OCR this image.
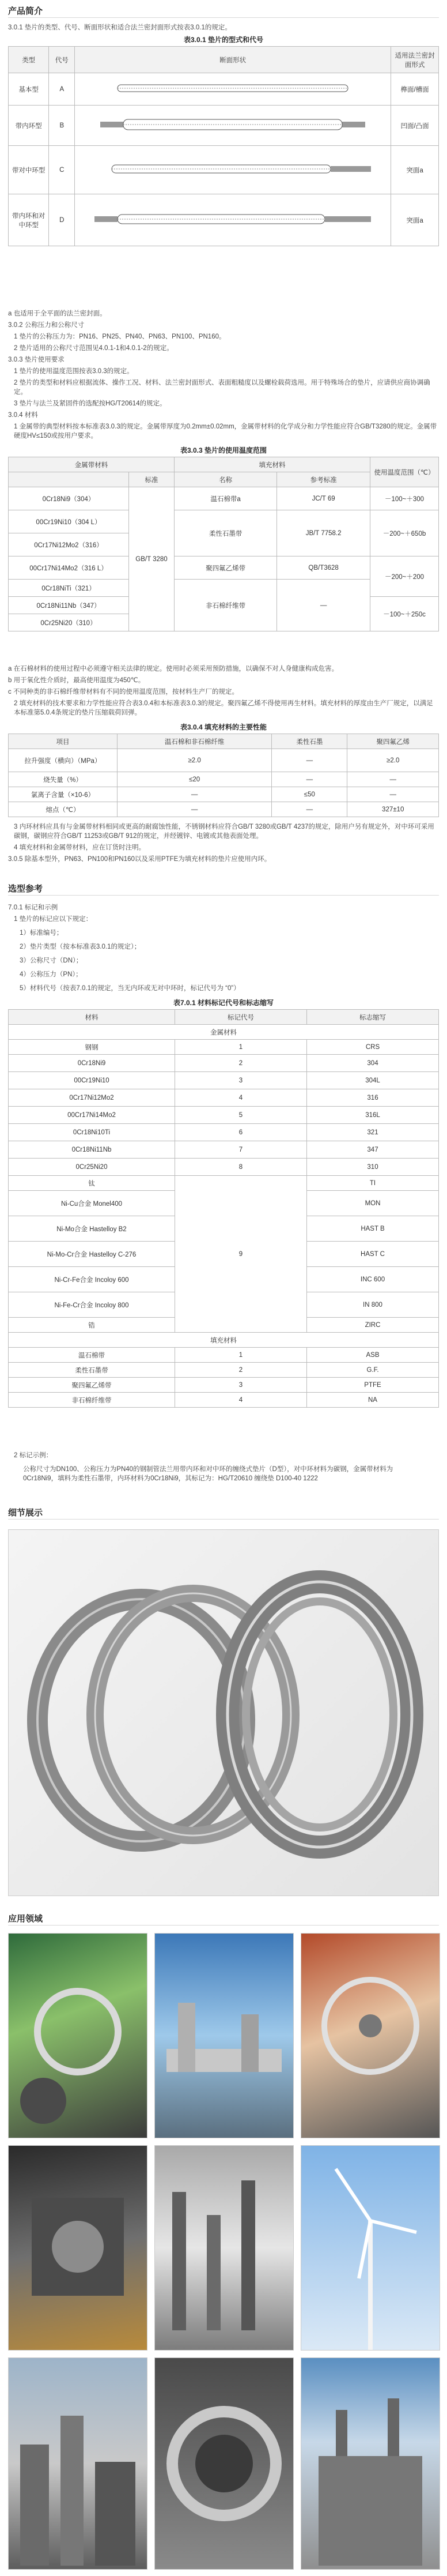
产品简介
3.0.1 垫片的类型、代号、断面形状和适合法兰密封面形式按表3.0.1的规定。
表3.0.1 垫片的型式和代号
类型	代号	断面形状	适用法兰密封面形式
基本型	A		榫面/槽面
带内环型	B		凹面/凸面
带对中环型	C		突面a
带内环和对中环型	D		突面a
a 也适用于全平面的法兰密封面。
3.0.2 公称压力和公称尺寸
1 垫片的公称压力为：PN16、PN25、PN40、PN63、PN100、PN160。
2 垫片适用的公称尺寸范围见4.0.1-1和4.0.1-2的规定。
3.0.3 垫片使用要求
1 垫片的使用温度范围按表3.0.3的规定。
2 垫片的类型和材料应根据流体、操作工况、材料、法兰密封面形式、表面粗糙度以及螺栓载荷选用。用于特殊场合的垫片，应请供应商协调确定。
3 垫片与法兰及紧固件的选配按HG/T20614的规定。
3.0.4 材料
1 金属带的典型材料按本标准表3.0.3的规定。金属带厚度为0.2mm±0.02mm，金属带材料的化学成分和力学性能应符合GB/T3280的规定。金属带硬度HV≤150或按用户要求。
表3.0.3 垫片的使用温度范围
金属带材料		填充材料		使用温度范围（℃）
	标准	名称	参考标准	
0Cr18Ni9（304）	GB/T 3280	温石棉带a	JC/T 69	－100~＋300
00Cr19Ni10（304 L）		柔性石墨带	JB/T 7758.2	－200~＋650b
0Cr17Ni12Mo2（316）				
00Cr17Ni14Mo2（316 L）		聚四氟乙烯带	QB/T3628	－200~＋200
0Cr18NiTi（321）		非石棉纤维带	—	
0Cr18Ni11Nb（347）				－100~＋250c
0Cr25Ni20（310）				
a 在石棉材料的使用过程中必须遵守相关法律的规定。使用时必须采用预防措施，以确保不对人身健康构成危害。
b 用于氧化性介质时，最高使用温度为450℃。
c 不同种类的非石棉纤维带材料有不同的使用温度范围，按材料生产厂的规定。
2 填充材料的技术要求和力学性能应符合表3.0.4和本标准表3.0.3的规定。聚四氟乙烯不得使用再生材料。填充材料的厚度由生产厂规定，以满足本标准第5.0.4条规定的垫片压缩载荷回弹。
表3.0.4 填充材料的主要性能
项目	温石棉和非石棉纤维	柔性石墨	聚四氟乙烯
拉升强度（横向）（MPa）	≥2.0	—	≥2.0
烧失量（%）	≤20	—	—
氯离子含量（×10-6）	—	≤50	—
熔点（℃）	—	—	327±10
3 内环材料应具有与金属带材料相同或更高的耐腐蚀性能，不锈钢材料应符合GB/T 3280或GB/T 4237的规定，除用户另有规定外，对中环可采用碳钢，碳钢应符合GB/T 11253或GB/T 912的规定，并经镀锌、电镀或其他表面处理。
4 填充材料和金属带材料，应在订货时注明。
3.0.5 除基本型外，PN63、PN100和PN160以及采用PTFE为填充材料的垫片应使用内环。
选型参考
7.0.1 标记和示例
1 垫片的标记应以下规定：
1）标准编号；
2）垫片类型（按本标准表3.0.1的规定）；
3）公称尺寸（DN）；
4）公称压力（PN）；
5）材料代号（按表7.0.1的规定，当无内环或无对中环时，标记代号为 “0”）
表7.0.1 材料标记代号和标志缩写
材料	标记代号	标志缩写
金属材料		
钢钢	1	CRS
0Cr18Ni9	2	304
00Cr19Ni10	3	304L
0Cr17Ni12Mo2	4	316
00Cr17Ni14Mo2	5	316L
0Cr18Ni10Ti	6	321
0Cr18Ni11Nb	7	347
0Cr25Ni20	8	310
钛	9	TI
Ni-Cu合金 Monel400		MON
Ni-Mo合金 Hastelloy B2		HAST B
Ni-Mo-Cr合金 Hastelloy C-276		HAST C
Ni-Cr-Fe合金 Incoloy 600		INC 600
Ni-Fe-Cr合金 Incoloy 800		IN 800
锆		ZIRC
填充材料		
温石棉带	1	ASB
柔性石墨带	2	G.F.
聚四氟乙烯带	3	PTFE
非石棉纤维带	4	NA
2 标记示例：
公称尺寸为DN100、公称压力为PN40的钢制管法兰用带内环和对中环的缠绕式垫片（D型），对中环材料为碳钢，金属带材料为0Cr18Ni9，填料为柔性石墨带，内环材料为0Cr18Ni9，其标记为：HG/T20610 缠绕垫 D100-40 1222
细节展示
应用领域
